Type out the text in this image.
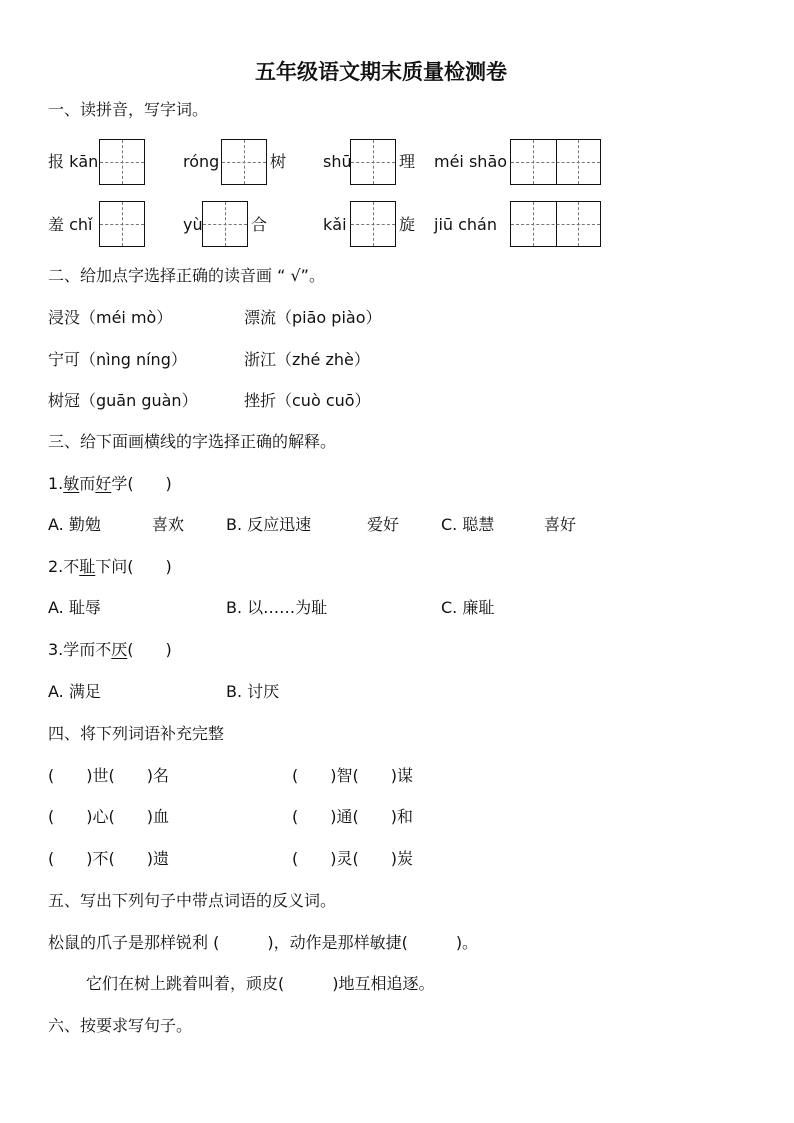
五年级语文期末质量检测卷
一、读拼音，写字词。
报 kān	róng	树 shū	理 méi shāo
羞 chǐ	yù	合	kǎi	旋 jiū chán
二、给加点字选择正确的读音画 “ √”。
浸没（méi mò）	漂流（piāo piào）
宁可（nìng níng）	浙江（zhé zhè）
树冠（guān guàn）	挫折（cuò cuō）
三、给下面画横线的字选择正确的解释。
1.敏而好学(　　)
A. 勤勉	喜欢	B. 反应迅速	爱好	C. 聪慧	喜好
2.不耻下问(　　)
A. 耻辱	B. 以……为耻	C. 廉耻
3.学而不厌(　　)
A. 满足	B. 讨厌
四、将下列词语补充完整
(　　)世(　　)名	(　　)智(　　)谋
(　　)心(　　)血	(　　)通(　　)和
(　　)不(　　)遗	(　　)灵(　　)炭
五、写出下列句子中带点词语的反义词。
松鼠的爪子是那样锐利 (　　　)，动作是那样敏捷(　　　)。
它们在树上跳着叫着，顽皮(　　　)地互相追逐。
六、按要求写句子。
